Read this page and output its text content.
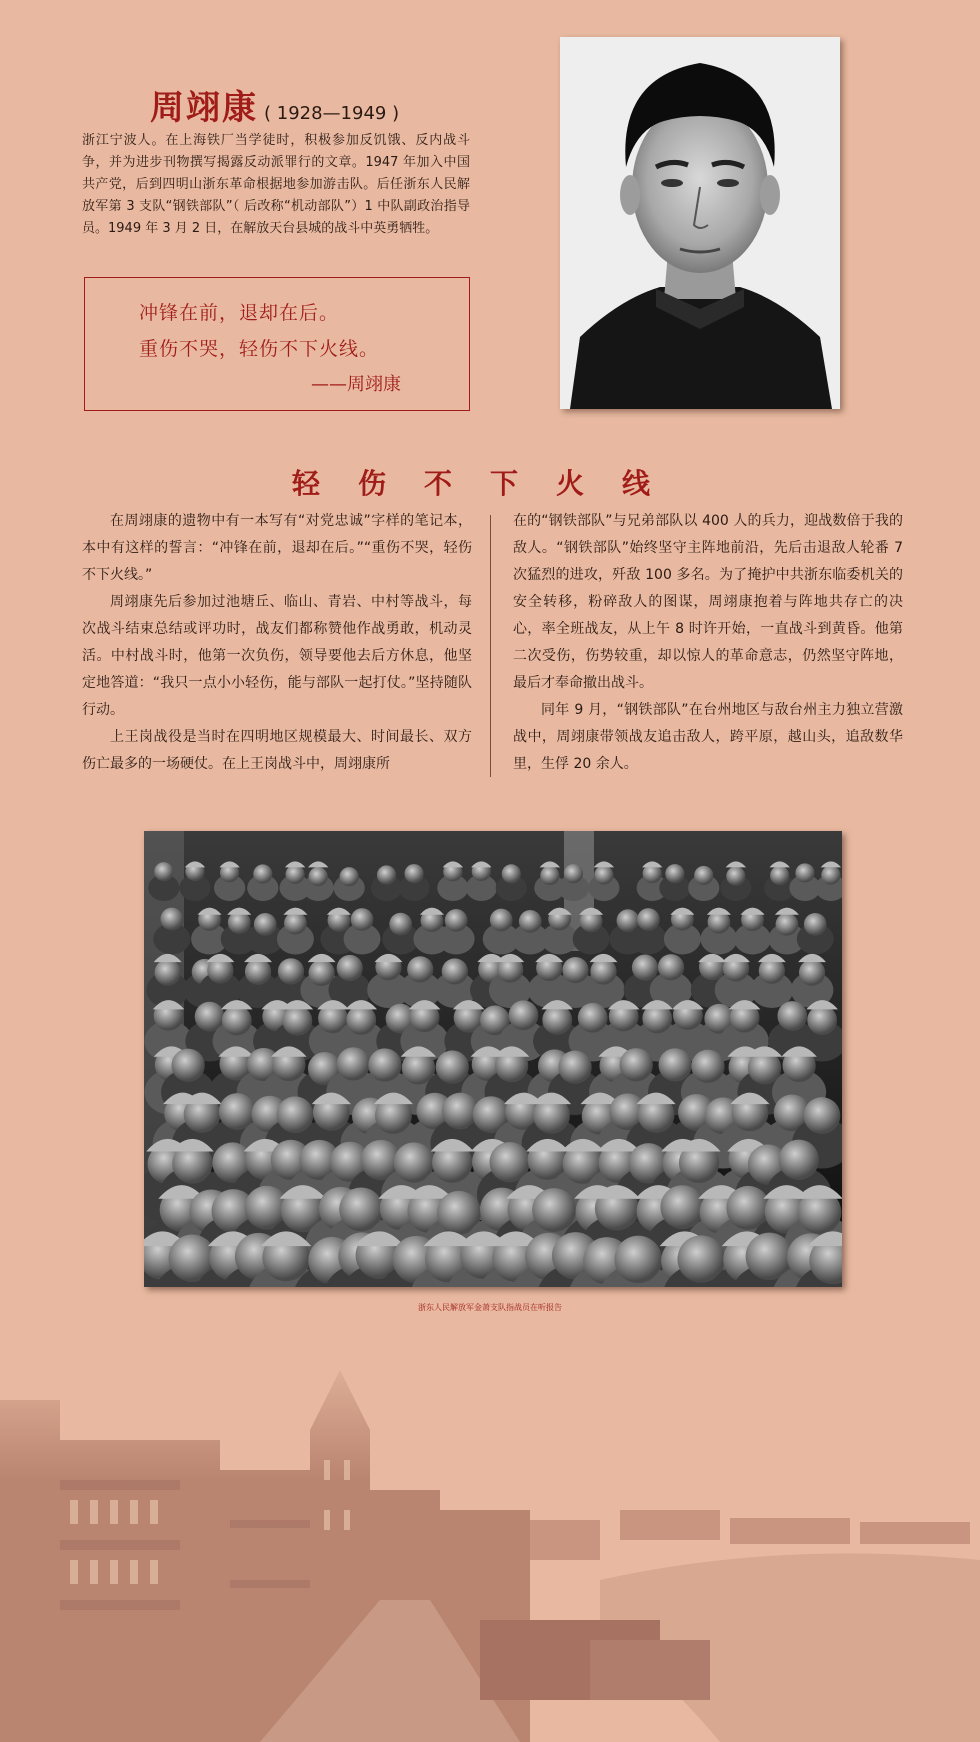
周翊康 ( 1928—1949 )
浙江宁波人。在上海铁厂当学徒时，积极参加反饥饿、反内战斗争，并为进步刊物撰写揭露反动派罪行的文章。1947 年加入中国共产党，后到四明山浙东革命根据地参加游击队。后任浙东人民解放军第 3 支队“钢铁部队”（ 后改称“机动部队”）1 中队副政治指导员。1949 年 3 月 2 日，在解放天台县城的战斗中英勇牺牲。
冲锋在前，退却在后。
重伤不哭，轻伤不下火线。
——周翊康
轻伤不下火线

在周翊康的遗物中有一本写有“对党忠诚”字样的笔记本，本中有这样的誓言：“冲锋在前，退却在后。”“重伤不哭，轻伤不下火线。”

周翊康先后参加过池塘丘、临山、青岩、中村等战斗，每次战斗结束总结或评功时，战友们都称赞他作战勇敢，机动灵活。中村战斗时，他第一次负伤，领导要他去后方休息，他坚定地答道：“我只一点小小轻伤，能与部队一起打仗。”坚持随队行动。

上王岗战役是当时在四明地区规模最大、时间最长、双方伤亡最多的一场硬仗。在上王岗战斗中，周翊康所

在的“钢铁部队”与兄弟部队以 400 人的兵力，迎战数倍于我的敌人。“钢铁部队”始终坚守主阵地前沿，先后击退敌人轮番 7 次猛烈的进攻，歼敌 100 多名。为了掩护中共浙东临委机关的安全转移，粉碎敌人的图谋，周翊康抱着与阵地共存亡的决心，率全班战友，从上午 8 时许开始，一直战斗到黄昏。他第二次受伤，伤势较重，却以惊人的革命意志，仍然坚守阵地，最后才奉命撤出战斗。

同年 9 月，“钢铁部队”在台州地区与敌台州主力独立营激战中，周翊康带领战友追击敌人，跨平原，越山头，追敌数华里，生俘 20 余人。

浙东人民解放军金萧支队指战员在听报告
